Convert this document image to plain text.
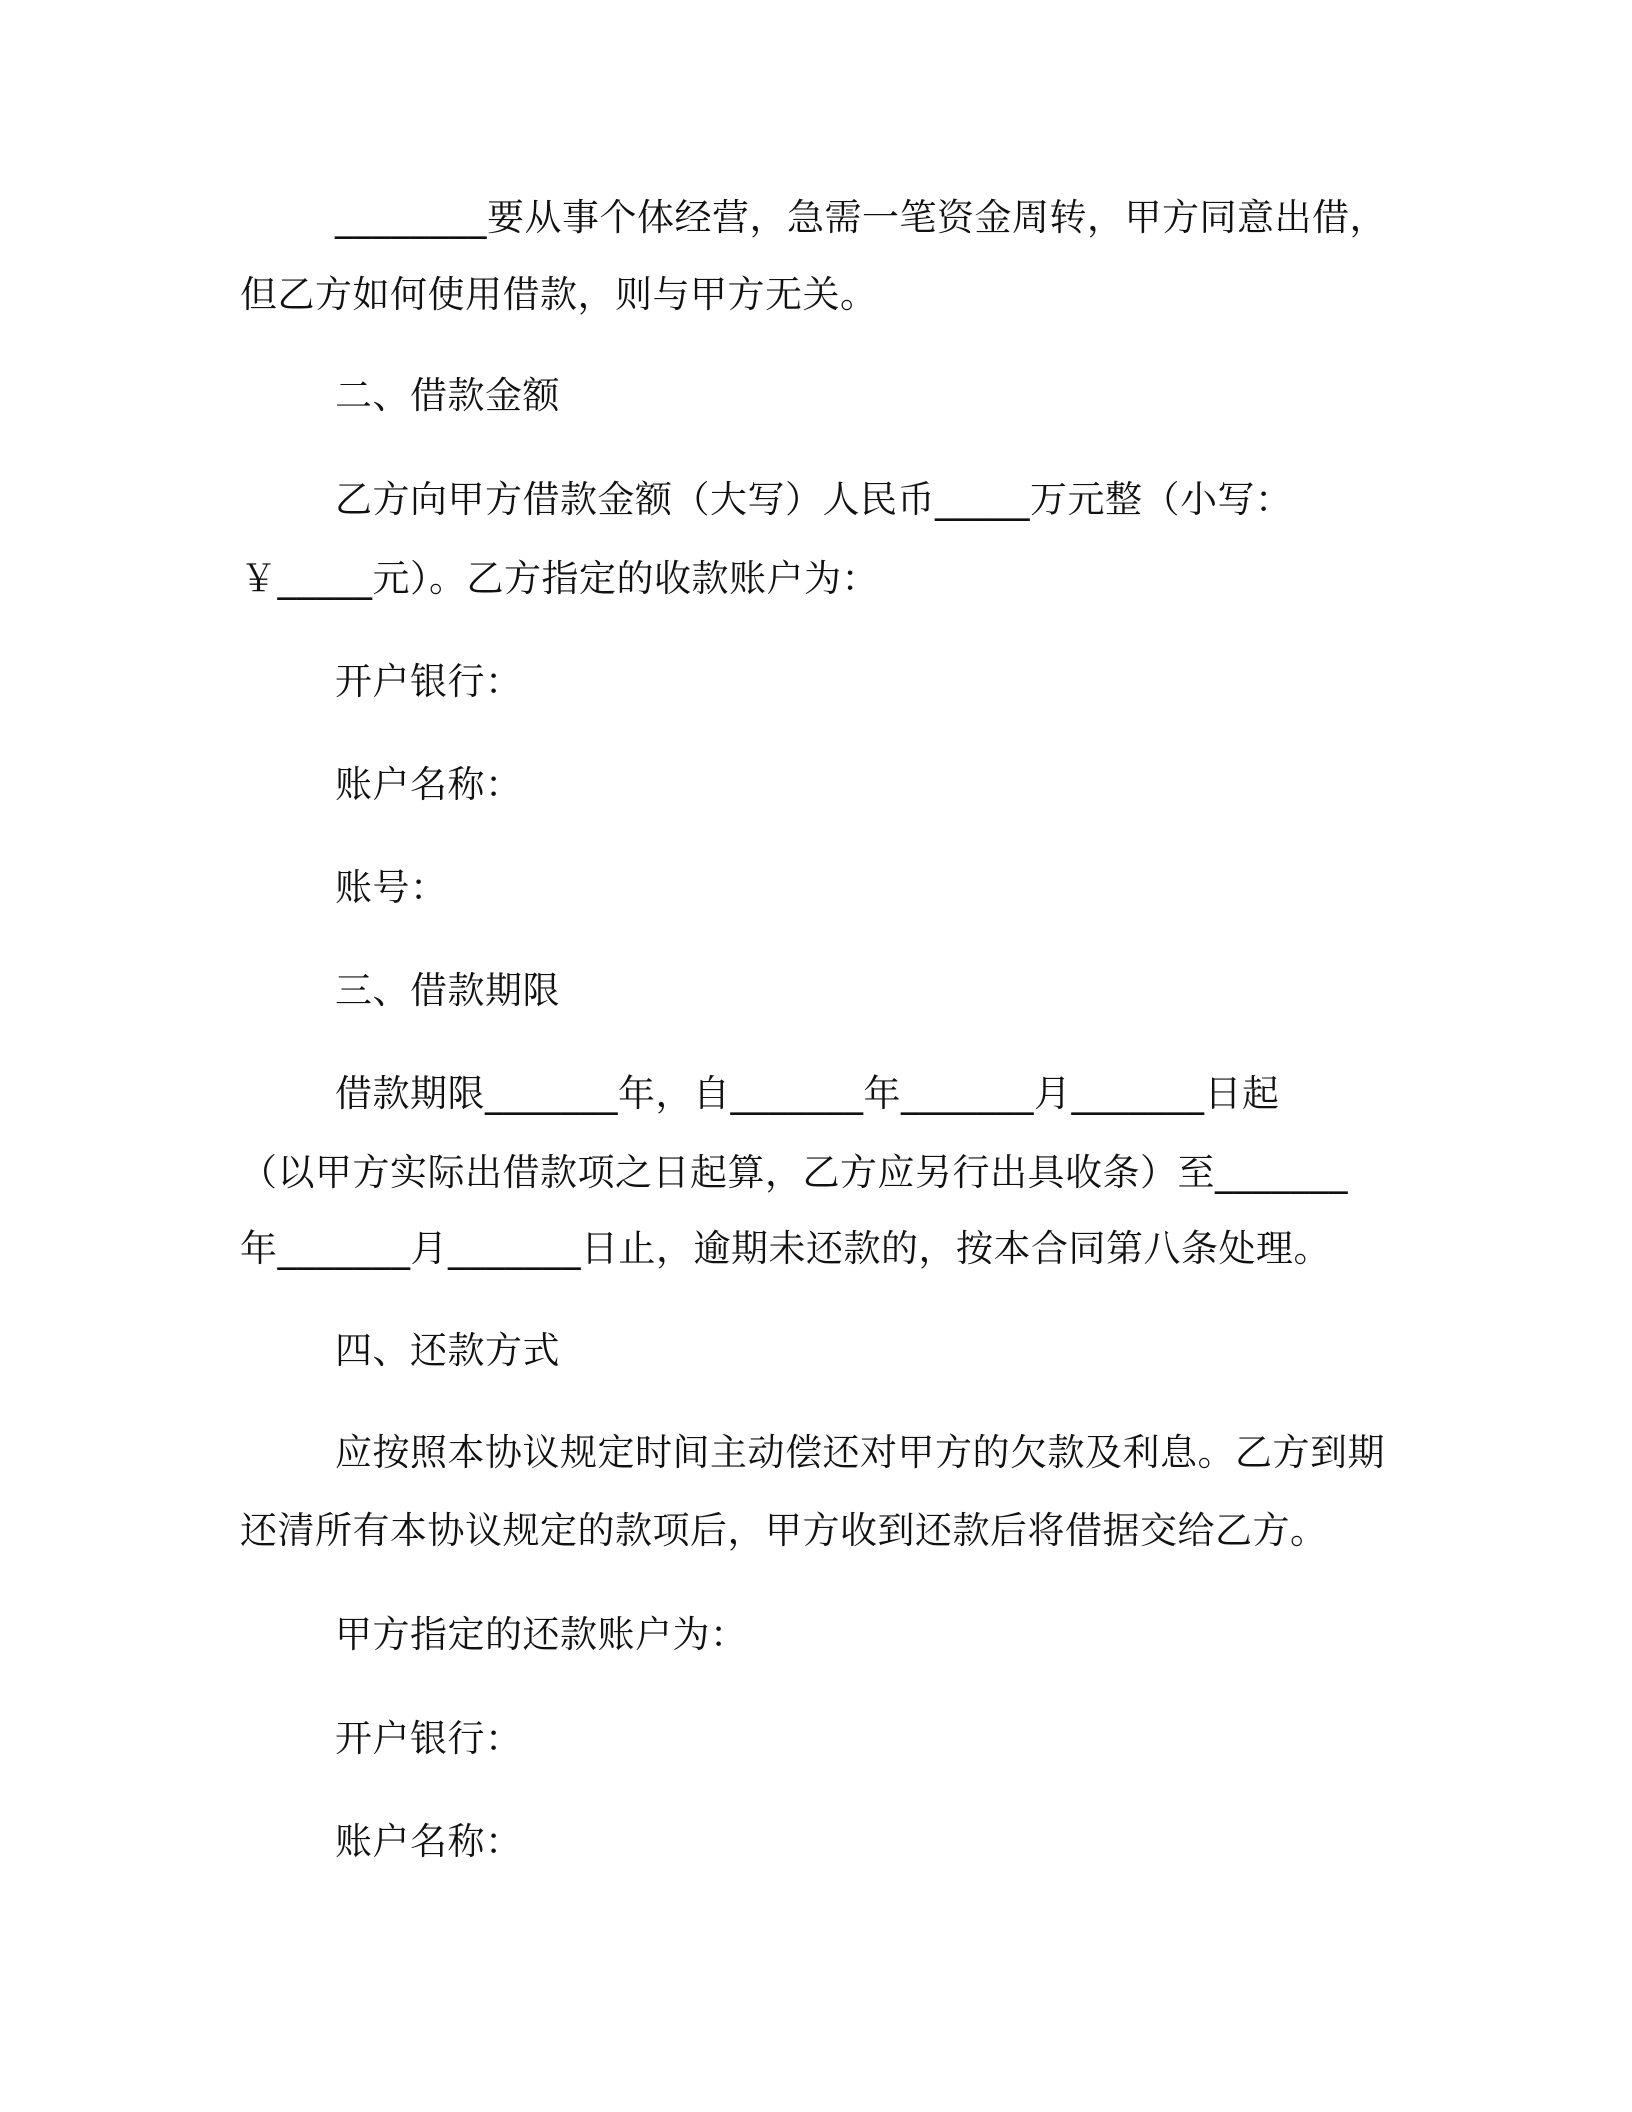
________要从事个体经营，急需一笔资金周转，甲方同意出借，
但乙方如何使用借款，则与甲方无关。
二、借款金额
乙方向甲方借款金额（大写）人民币_____万元整（小写：
￥_____元）。乙方指定的收款账户为：
开户银行：
账户名称：
账号：
三、借款期限
借款期限_______年，自_______年_______月_______日起
（以甲方实际出借款项之日起算，乙方应另行出具收条）至_______
年_______月_______日止，逾期未还款的，按本合同第八条处理。
四、还款方式
应按照本协议规定时间主动偿还对甲方的欠款及利息。乙方到期
还清所有本协议规定的款项后，甲方收到还款后将借据交给乙方。
甲方指定的还款账户为：
开户银行：
账户名称：
